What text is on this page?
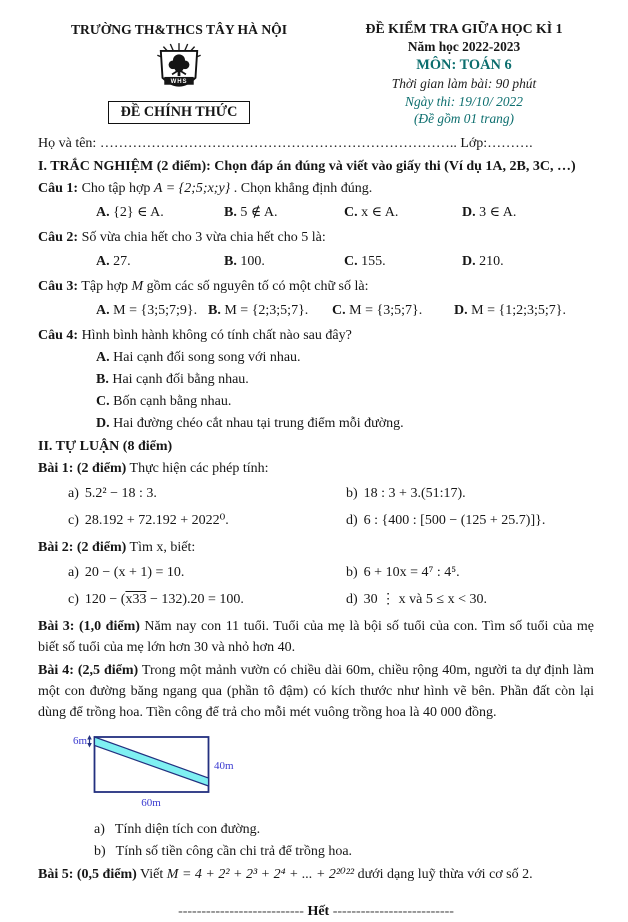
TRƯỜNG TH&THCS TÂY HÀ NỘI
WHS
ĐỀ CHÍNH THỨC
ĐỀ KIỂM TRA GIỮA HỌC KÌ 1
Năm học 2022-2023
MÔN: TOÁN 6
Thời gian làm bài: 90 phút
Ngày thi: 19/10/ 2022
(Đề gồm 01 trang)
Họ và tên: ………………………………………………………………….. Lớp:……….
I. TRẮC NGHIỆM (2 điểm): Chọn đáp án đúng và viết vào giấy thi (Ví dụ 1A, 2B, 3C, …)
Câu 1: Cho tập hợp A = {2;5;x;y} . Chọn khẳng định đúng.
A. {2} ∈ A.	B. 5 ∉ A.	C. x ∈ A.	D. 3 ∈ A.
Câu 2: Số vừa chia hết cho 3 vừa chia hết cho 5 là:
A. 27.	B. 100.	C. 155.	D. 210.
Câu 3: Tập hợp M gồm các số nguyên tố có một chữ số là:
A. M = {3;5;7;9}. B. M = {2;3;5;7}.	C. M = {3;5;7}.	D. M = {1;2;3;5;7}.
Câu 4: Hình bình hành không có tính chất nào sau đây?
A. Hai cạnh đối song song với nhau.
B. Hai cạnh đối bằng nhau.
C. Bốn cạnh bằng nhau.
D. Hai đường chéo cắt nhau tại trung điểm mỗi đường.
II. TỰ LUẬN (8 điểm)
Bài 1: (2 điểm) Thực hiện các phép tính:
a) 5.2² − 18 : 3.	b) 18 : 3 + 3.(51:17).
c) 28.192 + 72.192 + 2022⁰.	d) 6 : {400 : [500 − (125 + 25.7)]}.
Bài 2: (2 điểm) Tìm x, biết:
a) 20 − (x + 1) = 10.	b) 6 + 10x = 4⁷ : 4⁵.
c) 120 − (x33 − 132).20 = 100.	d) 30 ⋮ x và 5 ≤ x < 30.
Bài 3: (1,0 điểm) Năm nay con 11 tuổi. Tuổi của mẹ là bội số tuổi của con. Tìm số tuổi của mẹ biết số tuổi của mẹ lớn hơn 30 và nhỏ hơn 40.
Bài 4: (2,5 điểm) Trong một mảnh vườn có chiều dài 60m, chiều rộng 40m, người ta dự định làm một con đường băng ngang qua (phần tô đậm) có kích thước như hình vẽ bên. Phần đất còn lại dùng để trồng hoa. Tiền công để trả cho mỗi mét vuông trồng hoa là 40 000 đồng.
6m
40m
60m
a) Tính diện tích con đường.
b) Tính số tiền công cần chi trả để trồng hoa.
Bài 5: (0,5 điểm) Viết M = 4 + 2² + 2³ + 2⁴ + ... + 2²⁰²² dưới dạng luỹ thừa với cơ số 2.
--------------------------- Hết --------------------------
